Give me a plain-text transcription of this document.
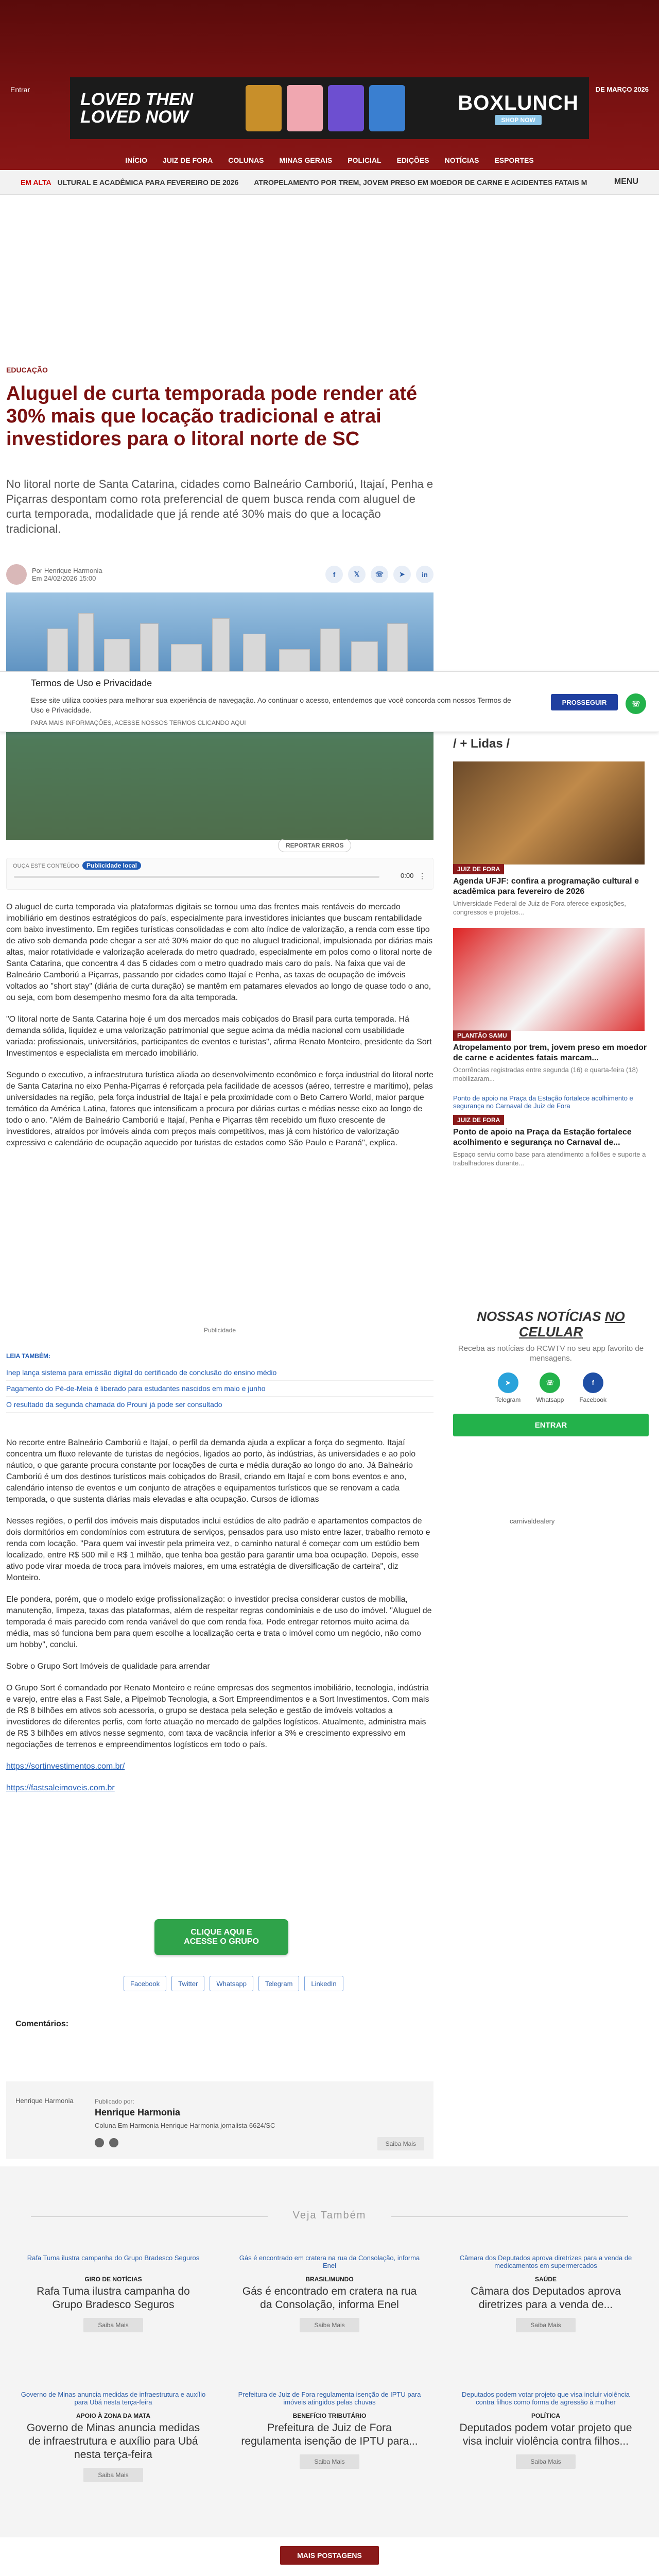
Entrar	DE MARÇO 2026
LOVED THEN
LOVED NOW
BOXLUNCH
SHOP NOW
INÍCIO JUIZ DE FORA COLUNAS MINAS GERAIS POLICIAL EDIÇÕES NOTÍCIAS ESPORTES
EM ALTA ULTURAL E ACADÊMICA PARA FEVEREIRO DE 2026 ATROPELAMENTO POR TREM, JOVEM PRESO EM MOEDOR DE CARNE E ACIDENTES FATAIS M	MENU
EDUCAÇÃO
Aluguel de curta temporada pode render até 30% mais que locação tradicional e atrai investidores para o litoral norte de SC
No litoral norte de Santa Catarina, cidades como Balneário Camboriú, Itajaí, Penha e Piçarras despontam como rota preferencial de quem busca renda com aluguel de curta temporada, modalidade que já rende até 30% mais do que a locação tradicional.
Por Henrique Harmonia
Em 24/02/2026 15:00	f	𝕏	☏	➤	in
Termos de Uso e Privacidade
Esse site utiliza cookies para melhorar sua experiência de navegação. Ao continuar o acesso, entendemos que você concorda com nossos Termos de Uso e Privacidade.
PARA MAIS INFORMAÇÕES, ACESSE NOSSOS TERMOS CLICANDO AQUI
PROSSEGUIR	☏
REPORTAR ERROS
OUÇA ESTE CONTEÚDO Publicidade local
0:00 ⋮

O aluguel de curta temporada via plataformas digitais se tornou uma das frentes mais rentáveis do mercado imobiliário em destinos estratégicos do país, especialmente para investidores iniciantes que buscam rentabilidade com baixo investimento. Em regiões turísticas consolidadas e com alto índice de valorização, a renda com esse tipo de ativo sob demanda pode chegar a ser até 30% maior do que no aluguel tradicional, impulsionada por diárias mais altas, maior rotatividade e valorização acelerada do metro quadrado, especialmente em polos como o litoral norte de Santa Catarina, que concentra 4 das 5 cidades com o metro quadrado mais caro do país. Na faixa que vai de Balneário Camboriú a Piçarras, passando por cidades como Itajaí e Penha, as taxas de ocupação de imóveis voltados ao "short stay" (diária de curta duração) se mantêm em patamares elevados ao longo de quase todo o ano, ou seja, com bom desempenho mesmo fora da alta temporada.

"O litoral norte de Santa Catarina hoje é um dos mercados mais cobiçados do Brasil para curta temporada. Há demanda sólida, liquidez e uma valorização patrimonial que segue acima da média nacional com usabilidade variada: profissionais, universitários, participantes de eventos e turistas", afirma Renato Monteiro, presidente da Sort Investimentos e especialista em mercado imobiliário.

Segundo o executivo, a infraestrutura turística aliada ao desenvolvimento econômico e força industrial do litoral norte de Santa Catarina no eixo Penha-Piçarras é reforçada pela facilidade de acessos (aéreo, terrestre e marítimo), pelas universidades na região, pela força industrial de Itajaí e pela proximidade com o Beto Carrero World, maior parque temático da América Latina, fatores que intensificam a procura por diárias curtas e médias nesse eixo ao longo de todo o ano. "Além de Balneário Camboriú e Itajaí, Penha e Piçarras têm recebido um fluxo crescente de investidores, atraídos por imóveis ainda com preços mais competitivos, mas já com histórico de valorização expressivo e calendário de ocupação aquecido por turistas de estados como São Paulo e Paraná", explica.

Publicidade
LEIA TAMBÉM:
Inep lança sistema para emissão digital do certificado de conclusão do ensino médio
Pagamento do Pé-de-Meia é liberado para estudantes nascidos em maio e junho
O resultado da segunda chamada do Prouni já pode ser consultado

No recorte entre Balneário Camboriú e Itajaí, o perfil da demanda ajuda a explicar a força do segmento. Itajaí concentra um fluxo relevante de turistas de negócios, ligados ao porto, às indústrias, às universidades e ao polo náutico, o que garante procura constante por locações de curta e média duração ao longo do ano. Já Balneário Camboriú é um dos destinos turísticos mais cobiçados do Brasil, criando em Itajaí e com bons eventos e ano, calendário intenso de eventos e um conjunto de atrações e equipamentos turísticos que se renovam a cada temporada, o que sustenta diárias mais elevadas e alta ocupação. Cursos de idiomas

Nesses regiões, o perfil dos imóveis mais disputados inclui estúdios de alto padrão e apartamentos compactos de dois dormitórios em condomínios com estrutura de serviços, pensados para uso misto entre lazer, trabalho remoto e renda com locação. "Para quem vai investir pela primeira vez, o caminho natural é começar com um estúdio bem localizado, entre R$ 500 mil e R$ 1 milhão, que tenha boa gestão para garantir uma boa ocupação. Depois, esse ativo pode virar moeda de troca para imóveis maiores, em uma estratégia de diversificação de carteira", diz Monteiro.

Ele pondera, porém, que o modelo exige profissionalização: o investidor precisa considerar custos de mobília, manutenção, limpeza, taxas das plataformas, além de respeitar regras condominiais e de uso do imóvel. "Aluguel de temporada é mais parecido com renda variável do que com renda fixa. Pode entregar retornos muito acima da média, mas só funciona bem para quem escolhe a localização certa e trata o imóvel como um negócio, não como um hobby", conclui.

Sobre o Grupo Sort Imóveis de qualidade para arrendar

O Grupo Sort é comandado por Renato Monteiro e reúne empresas dos segmentos imobiliário, tecnologia, indústria e varejo, entre elas a Fast Sale, a Pipelmob Tecnologia, a Sort Empreendimentos e a Sort Investimentos. Com mais de R$ 8 bilhões em ativos sob acessoria, o grupo se destaca pela seleção e gestão de imóveis voltados a investidores de diferentes perfis, com forte atuação no mercado de galpões logísticos. Atualmente, administra mais de R$ 3 bilhões em ativos nesse segmento, com taxa de vacância inferior a 3% e crescimento expressivo em negociações de terrenos e empreendimentos logísticos em todo o país.

https://sortinvestimentos.com.br/

https://fastsaleimoveis.com.br

CLIQUE AQUI E ACESSE O GRUPO
Facebook	Twitter	Whatsapp	Telegram	LinkedIn
Comentários:
Henrique Harmonia	Publicado por:
Henrique Harmonia
Coluna Em Harmonia Henrique Harmonia jornalista 6624/SC
Saiba Mais
/ + Lidas /
JUIZ DE FORA
Agenda UFJF: confira a programação cultural e acadêmica para fevereiro de 2026
Universidade Federal de Juiz de Fora oferece exposições, congressos e projetos...
PLANTÃO SAMU
Atropelamento por trem, jovem preso em moedor de carne e acidentes fatais marcam...
Ocorrências registradas entre segunda (16) e quarta-feira (18) mobilizaram...
Ponto de apoio na Praça da Estação fortalece acolhimento e segurança no Carnaval de Juiz de Fora
JUIZ DE FORA
Ponto de apoio na Praça da Estação fortalece acolhimento e segurança no Carnaval de...
Espaço serviu como base para atendimento a foliões e suporte a trabalhadores durante...
NOSSAS NOTÍCIAS NO CELULAR
Receba as notícias do RCWTV no seu app favorito de mensagens.
➤
Telegram
☏
Whatsapp
f
Facebook
ENTRAR
carnivaldealery
Veja Também
Rafa Tuma ilustra campanha do Grupo Bradesco Seguros
GIRO DE NOTÍCIAS
Rafa Tuma ilustra campanha do Grupo Bradesco Seguros
Saiba Mais
Gás é encontrado em cratera na rua da Consolação, informa Enel
BRASIL/MUNDO
Gás é encontrado em cratera na rua da Consolação, informa Enel
Saiba Mais
Câmara dos Deputados aprova diretrizes para a venda de medicamentos em supermercados
SAÚDE
Câmara dos Deputados aprova diretrizes para a venda de...
Saiba Mais
Governo de Minas anuncia medidas de infraestrutura e auxílio para Ubá nesta terça-feira
APOIO À ZONA DA MATA
Governo de Minas anuncia medidas de infraestrutura e auxílio para Ubá nesta terça-feira
Saiba Mais
Prefeitura de Juiz de Fora regulamenta isenção de IPTU para imóveis atingidos pelas chuvas
BENEFÍCIO TRIBUTÁRIO
Prefeitura de Juiz de Fora regulamenta isenção de IPTU para...
Saiba Mais
Deputados podem votar projeto que visa incluir violência contra filhos como forma de agressão à mulher
POLÍTICA
Deputados podem votar projeto que visa incluir violência contra filhos...
Saiba Mais
MAIS POSTAGENS
